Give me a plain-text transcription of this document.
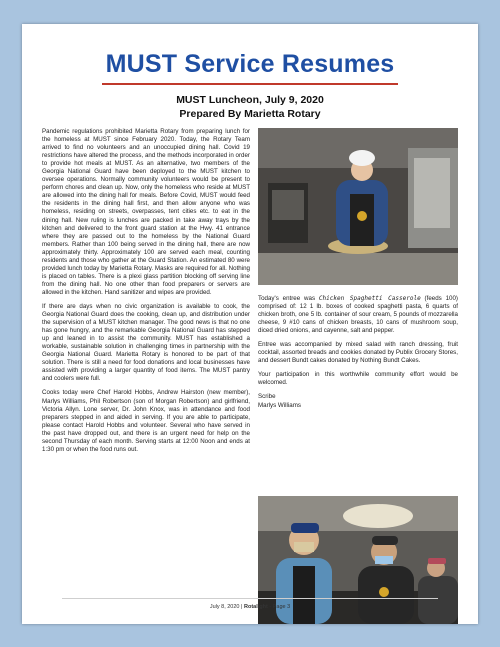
MUST Service Resumes
MUST Luncheon, July 9, 2020
Prepared By Marietta Rotary

Pandemic regulations prohibited Marietta Rotary from preparing lunch for the homeless at MUST since February 2020. Today, the Rotary Team arrived to find no volunteers and an unoccupied dining hall. Covid 19 restrictions have altered the process, and the methods incorporated in order to provide hot meals at MUST. As an alternative, two members of the Georgia National Guard have been deployed to the MUST kitchen to oversee operations. Normally community volunteers would be present to perform chores and clean up. Now, only the homeless who reside at MUST are allowed into the dining hall for meals. Before Covid, MUST would feed the residents in the dining hall first, and then allow anyone who was homeless, residing on streets, overpasses, tent cities etc. to eat in the dining hall. New ruling is lunches are packed in take away trays by the kitchen and delivered to the front guard station at the Hwy. 41 entrance where they are passed out to the homeless by the National Guard members. Rather than 100 being served in the dining hall, there are now approximately thirty. Approximately 100 are served each meal, counting residents and those who gather at the Guard Station. An estimated 80 were provided lunch today by Marietta Rotary. Masks are required for all. Nothing is placed on tables. There is a plexi glass partition blocking off serving line from the dining hall. No one other than food preparers or servers are allowed in the kitchen. Hand sanitizer and wipes are provided.

If there are days when no civic organization is available to cook, the Georgia National Guard does the cooking, clean up, and distribution under the supervision of a MUST kitchen manager. The good news is that no one has gone hungry, and the remarkable Georgia National Guard has stepped up and leaned in to assist the community. MUST has established a workable, sustainable solution in challenging times in partnership with the Georgia National Guard. Marietta Rotary is honored to be part of that solution. There is still a need for food donations and local businesses have assisted with providing a larger quantity of food items. The MUST pantry and coolers were full.

Cooks today were Chef Harold Hobbs, Andrew Hairston (new member), Marlys Williams, Phil Robertson (son of Morgan Robertson) and girlfriend, Victoria Allyn. Lone server, Dr. John Knox, was in attendance and food preparers stepped in and aided in serving. If you are able to participate, please contact Harold Hobbs and volunteer. Several who have served in the past have dropped out, and there is an urgent need for help on the second Thursday of each month. Serving starts at 12:00 Noon and ends at 1:30 pm or when the food runs out.

Today's entree was Chicken Spaghetti Casserole (feeds 100) comprised of: 12 1 lb. boxes of cooked spaghetti pasta, 6 quarts of chicken broth, one 5 lb. container of sour cream, 5 pounds of mozzarella cheese, 9 #10 cans of chicken breasts, 10 cans of mushroom soup, diced dried onions, and cayenne, salt and pepper.

Entree was accompanied by mixed salad with ranch dressing, fruit cocktail, assorted breads and cookies donated by Publix Grocery Stores, and dessert Bundt cakes donated by Nothing Bundt Cakes.

Your participation in this worthwhile community effort would be welcomed.

Scribe
Marlys Williams
July 8, 2020 | Rotalight - Page 3
